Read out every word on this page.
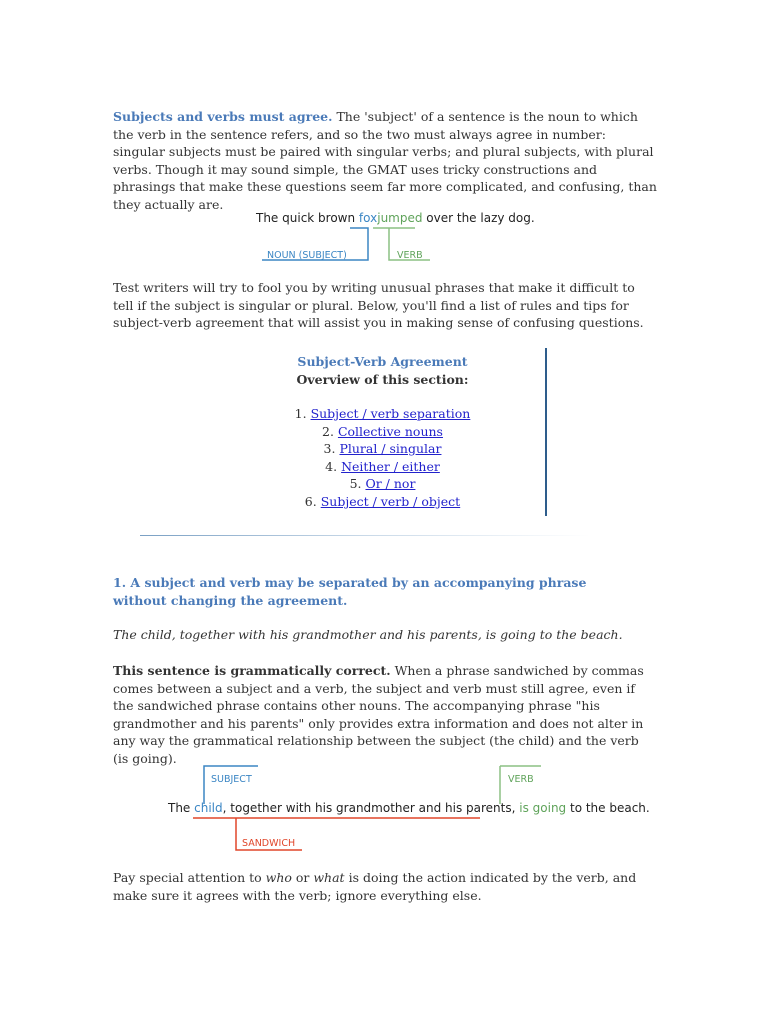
Subjects and verbs must agree. The 'subject' of a sentence is the noun to which the verb in the sentence refers, and so the two must always agree in number: singular subjects must be paired with singular verbs; and plural subjects, with plural verbs. Though it may sound simple, the GMAT uses tricky constructions and phrasings that make these questions seem far more complicated, and confusing, than they actually are.

The quick brown foxjumped over the lazy dog.
NOUN (SUBJECT)	VERB

Test writers will try to fool you by writing unusual phrases that make it difficult to tell if the subject is singular or plural. Below, you'll find a list of rules and tips for subject-verb agreement that will assist you in making sense of confusing questions.

Subject-Verb Agreement
Overview of this section:
1. Subject / verb separation
2. Collective nouns
3. Plural / singular
4. Neither / either
5. Or / nor
6. Subject / verb / object

1. A subject and verb may be separated by an accompanying phrase without changing the agreement.

The child, together with his grandmother and his parents, is going to the beach.

This sentence is grammatically correct. When a phrase sandwiched by commas comes between a subject and a verb, the subject and verb must still agree, even if the sandwiched phrase contains other nouns. The accompanying phrase "his grandmother and his parents" only provides extra information and does not alter in any way the grammatical relationship between the subject (the child) and the verb (is going).

SUBJECT	VERB
The child, together with his grandmother and his parents, is going to the beach.
SANDWICH

Pay special attention to who or what is doing the action indicated by the verb, and make sure it agrees with the verb; ignore everything else.
